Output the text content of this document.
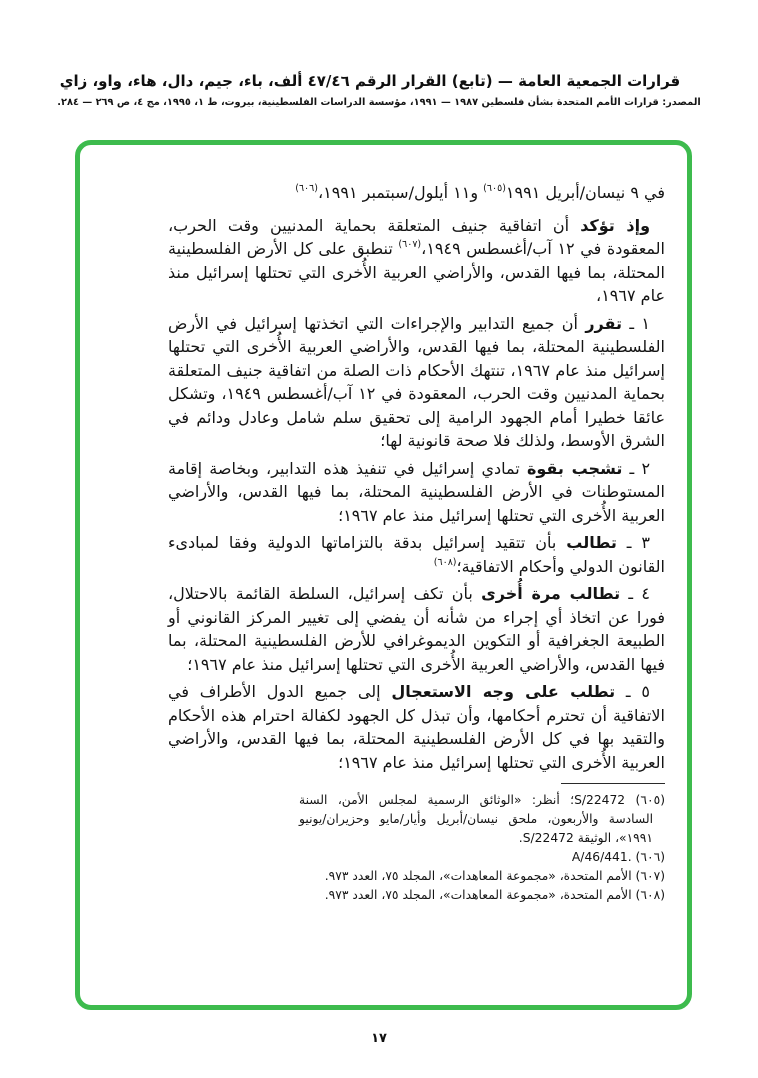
قرارات الجمعية العامة — (تابع) القرار الرقم ٤٧/٤٦ ألف، باء، جيم، دال، هاء، واو، زاي
المصدر: قرارات الأمم المتحدة بشأن فلسطين ١٩٨٧ — ١٩٩١، مؤسسة الدراسات الفلسطينية، بيروت، ط ١، ١٩٩٥، مج ٤، ص ٢٦٩ — ٢٨٤.

في ٩ نيسان/أبريل ١٩٩١$^{(٦٠٥)}$ و١١ أيلول/سبتمبر ١٩٩١،$^{(٦٠٦)}$

وإذ تؤكد أن اتفاقية جنيف المتعلقة بحماية المدنيين وقت الحرب، المعقودة في ١٢ آب/أغسطس ١٩٤٩،$^{(٦٠٧)}$ تنطبق على كل الأرض الفلسطينية المحتلة، بما فيها القدس، والأراضي العربية الأُخرى التي تحتلها إسرائيل منذ عام ١٩٦٧،

١ ـ تقرر أن جميع التدابير والإجراءات التي اتخذتها إسرائيل في الأرض الفلسطينية المحتلة، بما فيها القدس، والأراضي العربية الأُخرى التي تحتلها إسرائيل منذ عام ١٩٦٧، تنتهك الأحكام ذات الصلة من اتفاقية جنيف المتعلقة بحماية المدنيين وقت الحرب، المعقودة في ١٢ آب/أغسطس ١٩٤٩، وتشكل عائقا خطيرا أمام الجهود الرامية إلى تحقيق سلم شامل وعادل ودائم في الشرق الأوسط، ولذلك فلا صحة قانونية لها؛

٢ ـ تشجب بقوة تمادي إسرائيل في تنفيذ هذه التدابير، وبخاصة إقامة المستوطنات في الأرض الفلسطينية المحتلة، بما فيها القدس، والأراضي العربية الأُخرى التي تحتلها إسرائيل منذ عام ١٩٦٧؛

٣ ـ تطالب بأن تتقيد إسرائيل بدقة بالتزاماتها الدولية وفقا لمبادىء القانون الدولي وأحكام الاتفاقية؛$^{(٦٠٨)}$

٤ ـ تطالب مرة أُخرى بأن تكف إسرائيل، السلطة القائمة بالاحتلال، فورا عن اتخاذ أي إجراء من شأنه أن يفضي إلى تغيير المركز القانوني أو الطبيعة الجغرافية أو التكوين الديموغرافي للأرض الفلسطينية المحتلة، بما فيها القدس، والأراضي العربية الأُخرى التي تحتلها إسرائيل منذ عام ١٩٦٧؛

٥ ـ تطلب على وجه الاستعجال إلى جميع الدول الأطراف في الاتفاقية أن تحترم أحكامها، وأن تبذل كل الجهود لكفالة احترام هذه الأحكام والتقيد بها في كل الأرض الفلسطينية المحتلة، بما فيها القدس، والأراضي العربية الأُخرى التي تحتلها إسرائيل منذ عام ١٩٦٧؛

(٦٠٥) S/22472؛ أنظر: «الوثائق الرسمية لمجلس الأمن، السنة السادسة والأربعون، ملحق نيسان/أبريل وأيار/مايو وحزيران/يونيو ١٩٩١»، الوثيقة S/22472.

(٦٠٦) A/46/441.‎

(٦٠٧) الأمم المتحدة، «مجموعة المعاهدات»، المجلد ٧٥، العدد ٩٧٣.

(٦٠٨) الأمم المتحدة، «مجموعة المعاهدات»، المجلد ٧٥، العدد ٩٧٣.

١٧
